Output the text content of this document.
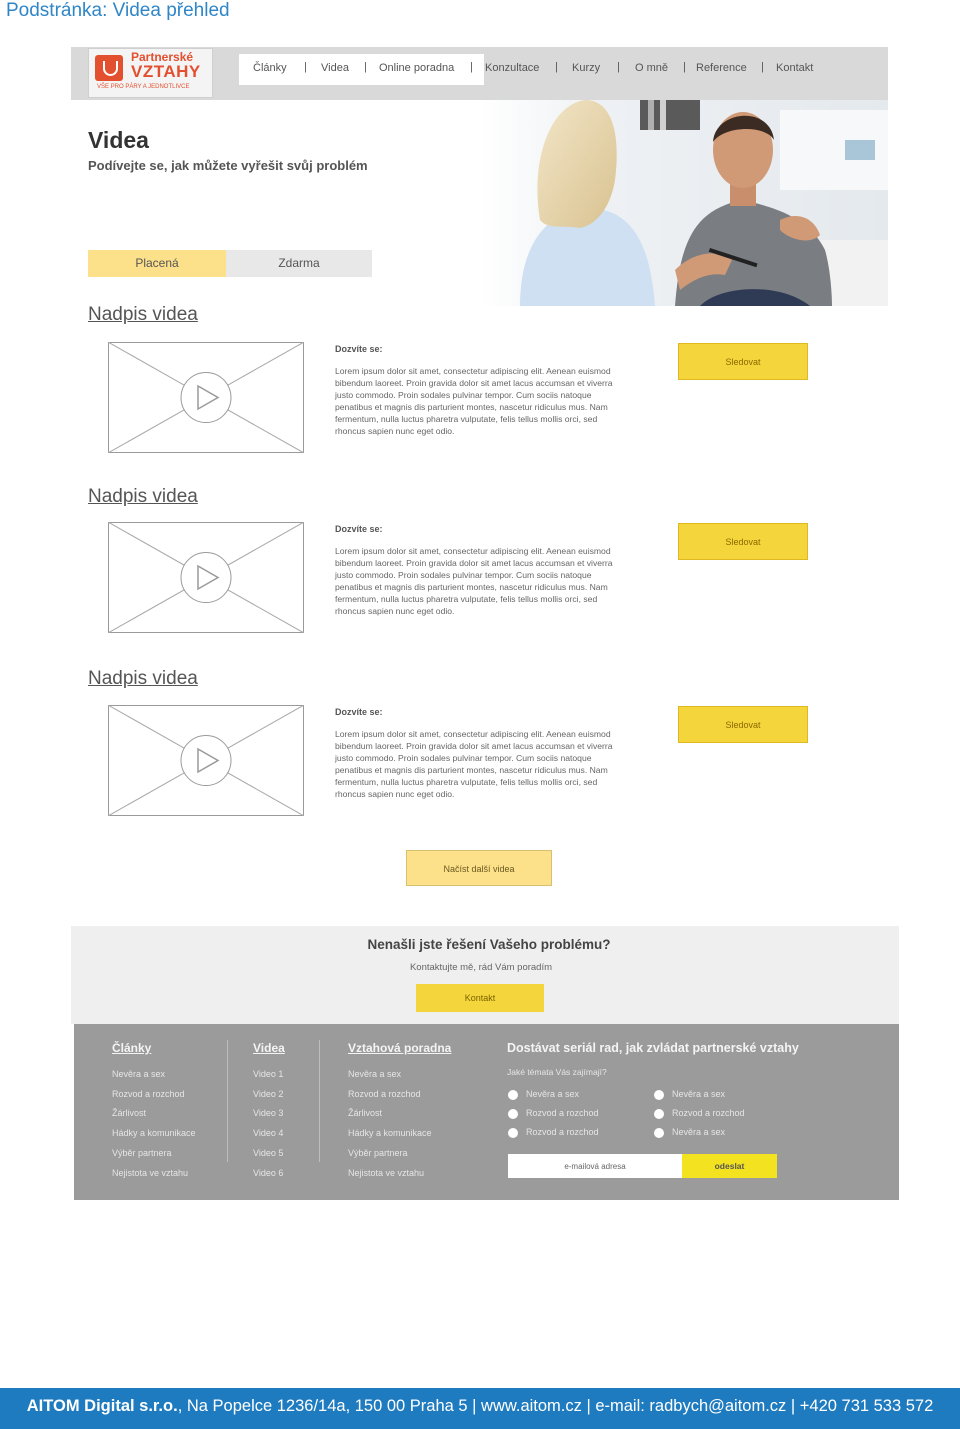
Podstránka: Videa přehled
Partnerské
VZTAHY
VŠE PRO PÁRY A JEDNOTLIVCE
Články | Videa | Online poradna | Konzultace | Kurzy | O mně | Reference | Kontakt
Videa
Podívejte se, jak můžete vyřešit svůj problém
Placená	Zdarma
Nadpis videa
Dozvíte se:
Lorem ipsum dolor sit amet, consectetur adipiscing elit. Aenean euismod bibendum laoreet. Proin gravida dolor sit amet lacus accumsan et viverra justo commodo. Proin sodales pulvinar tempor. Cum sociis natoque penatibus et magnis dis parturient montes, nascetur ridiculus mus. Nam fermentum, nulla luctus pharetra vulputate, felis tellus mollis orci, sed rhoncus sapien nunc eget odio.
Sledovat
Nadpis videa
Dozvíte se:
Lorem ipsum dolor sit amet, consectetur adipiscing elit. Aenean euismod bibendum laoreet. Proin gravida dolor sit amet lacus accumsan et viverra justo commodo. Proin sodales pulvinar tempor. Cum sociis natoque penatibus et magnis dis parturient montes, nascetur ridiculus mus. Nam fermentum, nulla luctus pharetra vulputate, felis tellus mollis orci, sed rhoncus sapien nunc eget odio.
Sledovat
Nadpis videa
Dozvíte se:
Lorem ipsum dolor sit amet, consectetur adipiscing elit. Aenean euismod bibendum laoreet. Proin gravida dolor sit amet lacus accumsan et viverra justo commodo. Proin sodales pulvinar tempor. Cum sociis natoque penatibus et magnis dis parturient montes, nascetur ridiculus mus. Nam fermentum, nulla luctus pharetra vulputate, felis tellus mollis orci, sed rhoncus sapien nunc eget odio.
Sledovat
Načíst další videa
Nenašli jste řešení Vašeho problému?
Kontaktujte mě, rád Vám poradím
Kontakt
Články
Nevěra a sex
Rozvod a rozchod
Žárlivost
Hádky a komunikace
Výběr partnera
Nejistota ve vztahu
Videa
Video 1
Video 2
Video 3
Video 4
Video 5
Video 6
Vztahová poradna
Nevěra a sex
Rozvod a rozchod
Žárlivost
Hádky a komunikace
Výběr partnera
Nejistota ve vztahu
Dostávat seriál rad, jak zvládat partnerské vztahy
Jaké témata Vás zajímají?
Nevěra a sex
Rozvod a rozchod
Rozvod a rozchod
Nevěra a sex
Rozvod a rozchod
Nevěra a sex
e-mailová adresa
odeslat
AITOM Digital s.r.o., Na Popelce 1236/14a, 150 00 Praha 5 | www.aitom.cz | e-mail: radbych@aitom.cz | +420 731 533 572
